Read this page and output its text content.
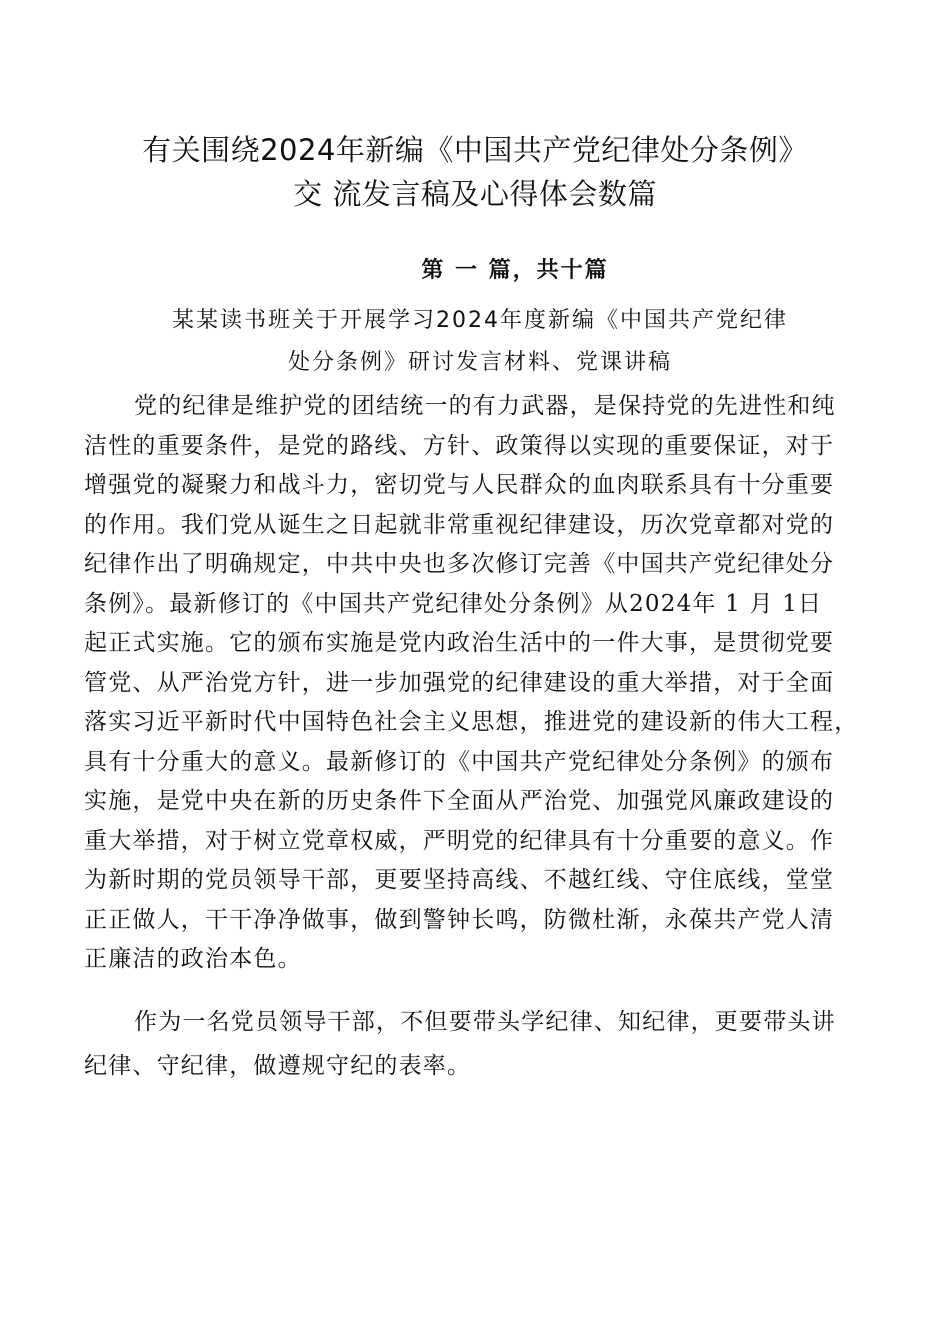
有关围绕2024年新编《中国共产党纪律处分条例》
交 流发言稿及心得体会数篇
第 一 篇，共十篇
某某读书班关于开展学习2024年度新编《中国共产党纪律
处分条例》研讨发言材料、党课讲稿
党的纪律是维护党的团结统一的有力武器，是保持党的先进性和纯
洁性的重要条件，是党的路线、方针、政策得以实现的重要保证，对于
增强党的凝聚力和战斗力，密切党与人民群众的血肉联系具有十分重要
的作用。我们党从诞生之日起就非常重视纪律建设，历次党章都对党的
纪律作出了明确规定，中共中央也多次修订完善《中国共产党纪律处分
条例》。最新修订的《中国共产党纪律处分条例》从2024年 1 月 1日
起正式实施。它的颁布实施是党内政治生活中的一件大事，是贯彻党要
管党、从严治党方针，进一步加强党的纪律建设的重大举措，对于全面
落实习近平新时代中国特色社会主义思想，推进党的建设新的伟大工程，
具有十分重大的意义。最新修订的《中国共产党纪律处分条例》的颁布
实施，是党中央在新的历史条件下全面从严治党、加强党风廉政建设的
重大举措，对于树立党章权威，严明党的纪律具有十分重要的意义。作
为新时期的党员领导干部，更要坚持高线、不越红线、守住底线，堂堂
正正做人，干干净净做事，做到警钟长鸣，防微杜渐，永葆共产党人清
正廉洁的政治本色。
作为一名党员领导干部，不但要带头学纪律、知纪律，更要带头讲
纪律、守纪律，做遵规守纪的表率。
